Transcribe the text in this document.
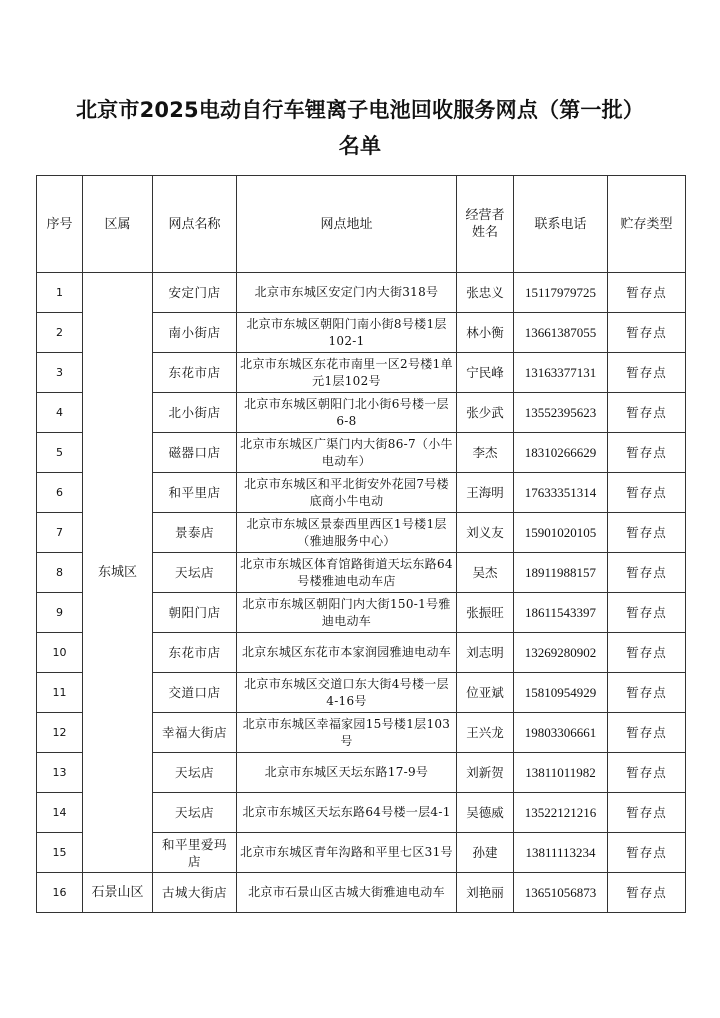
北京市2025电动自行车锂离子电池回收服务网点（第一批）
名单
序号	区属	网点名称	网点地址	经营者姓名	联系电话	贮存类型
1	东城区	安定门店	北京市东城区安定门内大街318号	张忠义	15117979725	暂存点
2		南小街店	北京市东城区朝阳门南小街8号楼1层102-1	林小衡	13661387055	暂存点
3		东花市店	北京市东城区东花市南里一区2号楼1单元1层102号	宁民峰	13163377131	暂存点
4		北小街店	北京市东城区朝阳门北小街6号楼一层6-8	张少武	13552395623	暂存点
5		磁器口店	北京市东城区广渠门内大街86-7（小牛电动车）	李杰	18310266629	暂存点
6		和平里店	北京市东城区和平北街安外花园7号楼底商小牛电动	王海明	17633351314	暂存点
7		景泰店	北京市东城区景泰西里西区1号楼1层（雅迪服务中心）	刘义友	15901020105	暂存点
8		天坛店	北京市东城区体育馆路街道天坛东路64号楼雅迪电动车店	吴杰	18911988157	暂存点
9		朝阳门店	北京市东城区朝阳门内大街150-1号雅迪电动车	张振旺	18611543397	暂存点
10		东花市店	北京东城区东花市本家润园雅迪电动车	刘志明	13269280902	暂存点
11		交道口店	北京市东城区交道口东大街4号楼一层4-16号	位亚斌	15810954929	暂存点
12		幸福大街店	北京市东城区幸福家园15号楼1层103号	王兴龙	19803306661	暂存点
13		天坛店	北京市东城区天坛东路17-9号	刘新贺	13811011982	暂存点
14		天坛店	北京市东城区天坛东路64号楼一层4-1	吴德威	13522121216	暂存点
15		和平里爱玛店	北京市东城区青年沟路和平里七区31号	孙建	13811113234	暂存点
16	石景山区	古城大街店	北京市石景山区古城大街雅迪电动车	刘艳丽	13651056873	暂存点
